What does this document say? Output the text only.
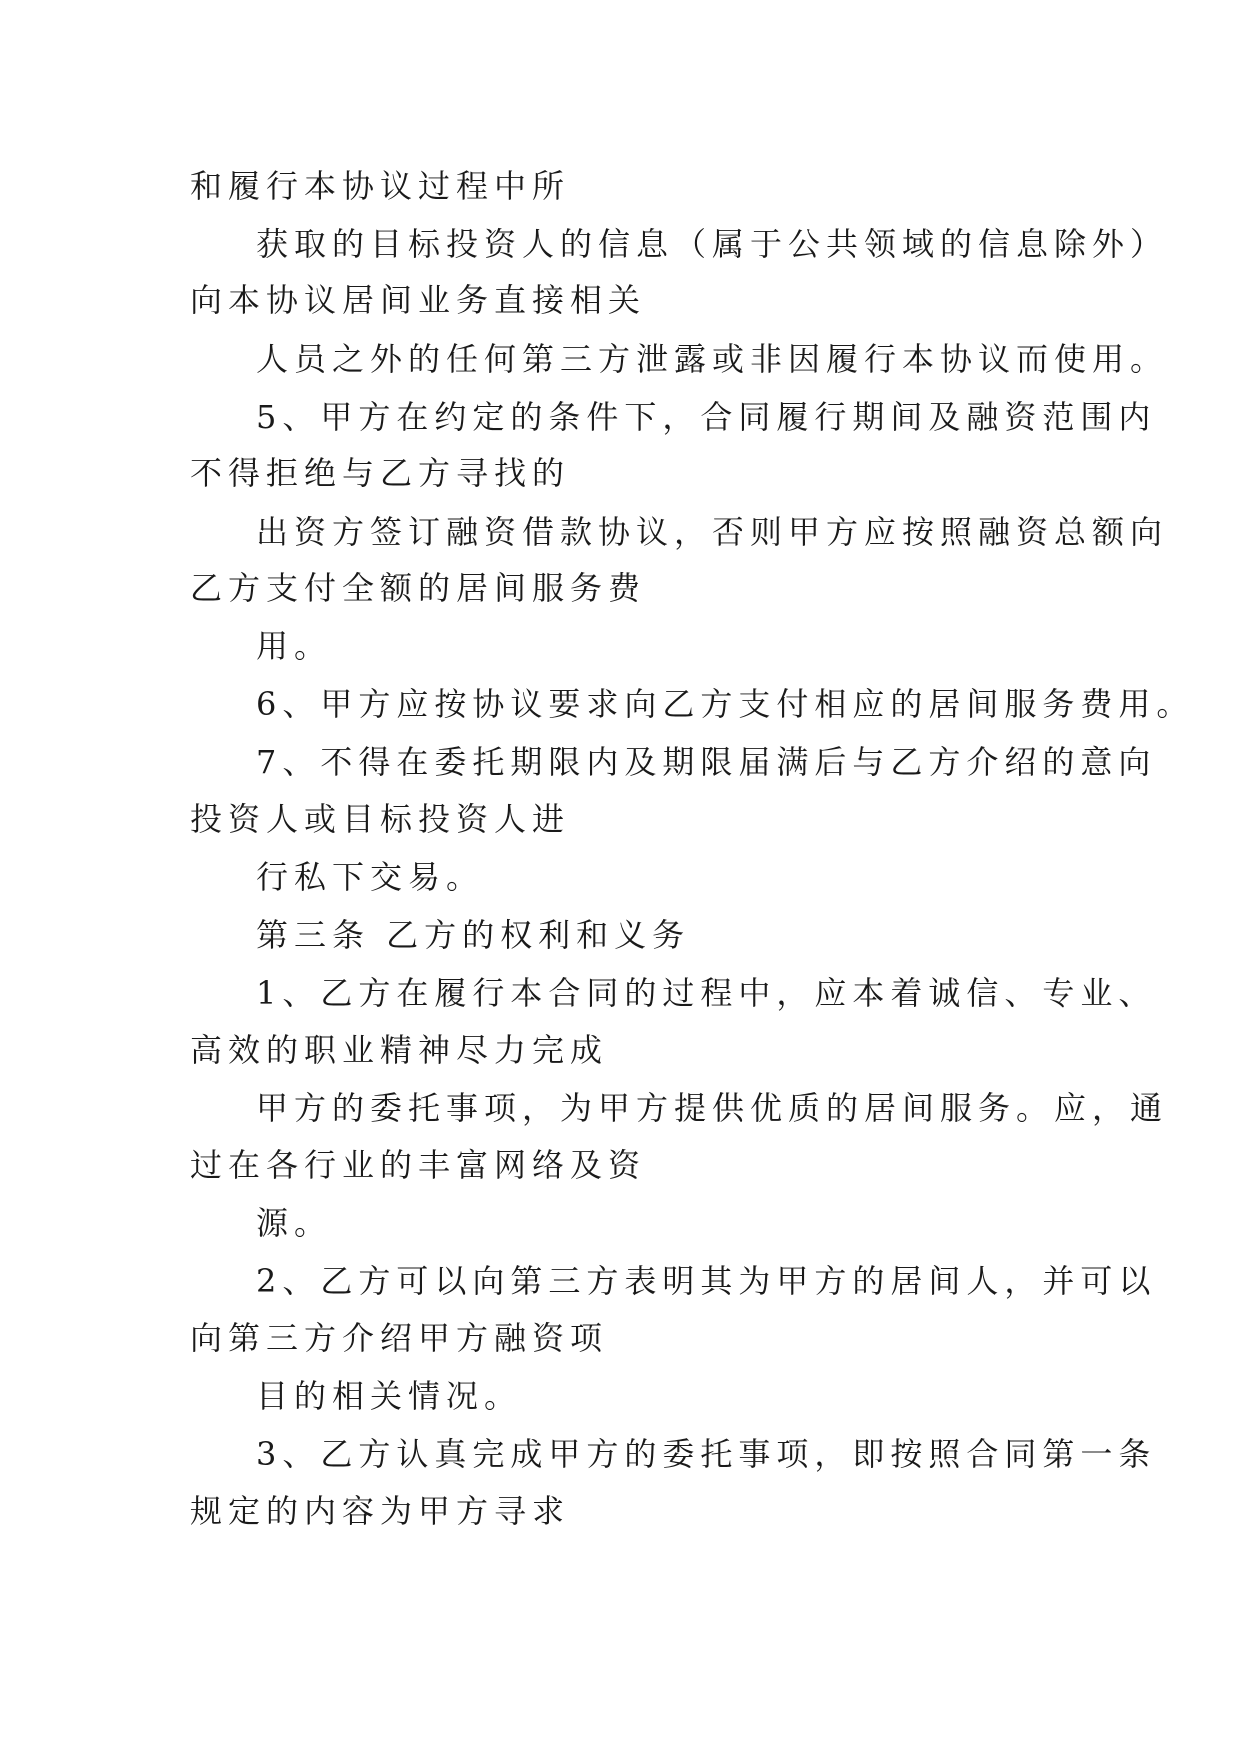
和履行本协议过程中所
获取的目标投资人的信息（属于公共领域的信息除外）
向本协议居间业务直接相关
人员之外的任何第三方泄露或非因履行本协议而使用。
5、甲方在约定的条件下，合同履行期间及融资范围内
不得拒绝与乙方寻找的
出资方签订融资借款协议，否则甲方应按照融资总额向
乙方支付全额的居间服务费
用。
6、甲方应按协议要求向乙方支付相应的居间服务费用。
7、不得在委托期限内及期限届满后与乙方介绍的意向
投资人或目标投资人进
行私下交易。
第三条 乙方的权利和义务
1、乙方在履行本合同的过程中，应本着诚信、专业、
高效的职业精神尽力完成
甲方的委托事项，为甲方提供优质的居间服务。应，通
过在各行业的丰富网络及资
源。
2、乙方可以向第三方表明其为甲方的居间人，并可以
向第三方介绍甲方融资项
目的相关情况。
3、乙方认真完成甲方的委托事项，即按照合同第一条
规定的内容为甲方寻求
